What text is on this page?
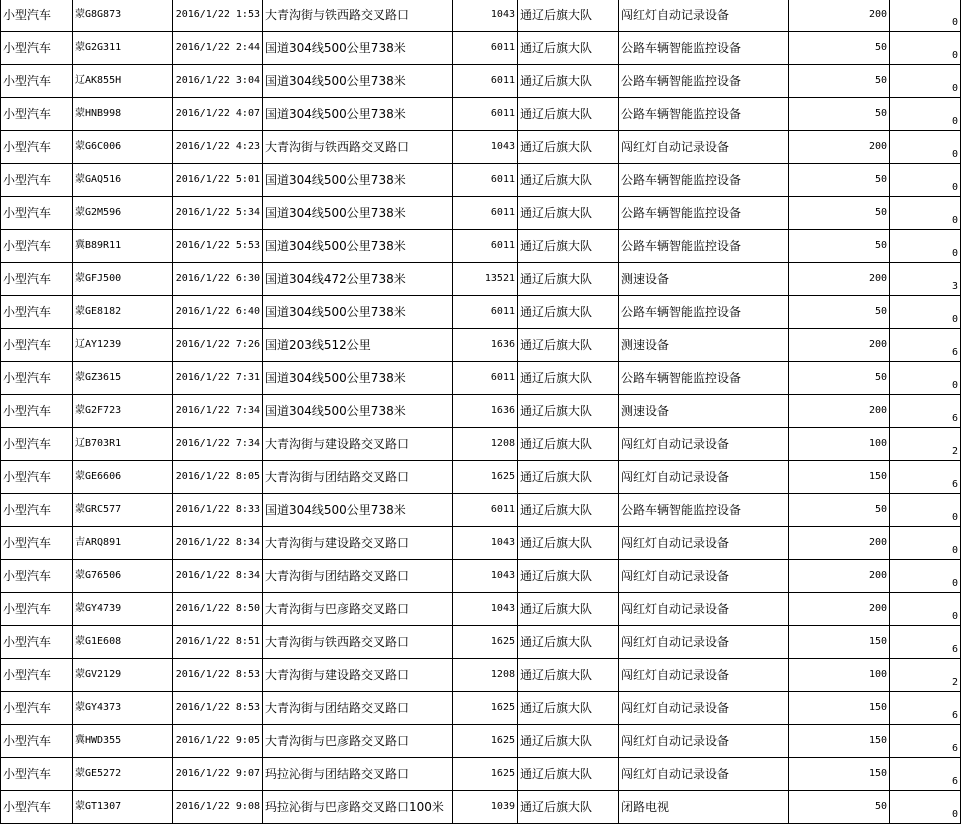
小型汽车	蒙G8G873	2016/1/22 1:53	大青沟街与铁西路交叉路口	1043	通辽后旗大队	闯红灯自动记录设备	200	0
小型汽车	蒙G2G311	2016/1/22 2:44	国道304线500公里738米	6011	通辽后旗大队	公路车辆智能监控设备	50	0
小型汽车	辽AK855H	2016/1/22 3:04	国道304线500公里738米	6011	通辽后旗大队	公路车辆智能监控设备	50	0
小型汽车	蒙HNB998	2016/1/22 4:07	国道304线500公里738米	6011	通辽后旗大队	公路车辆智能监控设备	50	0
小型汽车	蒙G6C006	2016/1/22 4:23	大青沟街与铁西路交叉路口	1043	通辽后旗大队	闯红灯自动记录设备	200	0
小型汽车	蒙GAQ516	2016/1/22 5:01	国道304线500公里738米	6011	通辽后旗大队	公路车辆智能监控设备	50	0
小型汽车	蒙G2M596	2016/1/22 5:34	国道304线500公里738米	6011	通辽后旗大队	公路车辆智能监控设备	50	0
小型汽车	冀B89R11	2016/1/22 5:53	国道304线500公里738米	6011	通辽后旗大队	公路车辆智能监控设备	50	0
小型汽车	蒙GFJ500	2016/1/22 6:30	国道304线472公里738米	13521	通辽后旗大队	测速设备	200	3
小型汽车	蒙GE8182	2016/1/22 6:40	国道304线500公里738米	6011	通辽后旗大队	公路车辆智能监控设备	50	0
小型汽车	辽AY1239	2016/1/22 7:26	国道203线512公里	1636	通辽后旗大队	测速设备	200	6
小型汽车	蒙GZ3615	2016/1/22 7:31	国道304线500公里738米	6011	通辽后旗大队	公路车辆智能监控设备	50	0
小型汽车	蒙G2F723	2016/1/22 7:34	国道304线500公里738米	1636	通辽后旗大队	测速设备	200	6
小型汽车	辽B703R1	2016/1/22 7:34	大青沟街与建设路交叉路口	1208	通辽后旗大队	闯红灯自动记录设备	100	2
小型汽车	蒙GE6606	2016/1/22 8:05	大青沟街与团结路交叉路口	1625	通辽后旗大队	闯红灯自动记录设备	150	6
小型汽车	蒙GRC577	2016/1/22 8:33	国道304线500公里738米	6011	通辽后旗大队	公路车辆智能监控设备	50	0
小型汽车	吉ARQ891	2016/1/22 8:34	大青沟街与建设路交叉路口	1043	通辽后旗大队	闯红灯自动记录设备	200	0
小型汽车	蒙G76506	2016/1/22 8:34	大青沟街与团结路交叉路口	1043	通辽后旗大队	闯红灯自动记录设备	200	0
小型汽车	蒙GY4739	2016/1/22 8:50	大青沟街与巴彦路交叉路口	1043	通辽后旗大队	闯红灯自动记录设备	200	0
小型汽车	蒙G1E608	2016/1/22 8:51	大青沟街与铁西路交叉路口	1625	通辽后旗大队	闯红灯自动记录设备	150	6
小型汽车	蒙GV2129	2016/1/22 8:53	大青沟街与建设路交叉路口	1208	通辽后旗大队	闯红灯自动记录设备	100	2
小型汽车	蒙GY4373	2016/1/22 8:53	大青沟街与团结路交叉路口	1625	通辽后旗大队	闯红灯自动记录设备	150	6
小型汽车	冀HWD355	2016/1/22 9:05	大青沟街与巴彦路交叉路口	1625	通辽后旗大队	闯红灯自动记录设备	150	6
小型汽车	蒙GE5272	2016/1/22 9:07	玛拉沁街与团结路交叉路口	1625	通辽后旗大队	闯红灯自动记录设备	150	6
小型汽车	蒙GT1307	2016/1/22 9:08	玛拉沁街与巴彦路交叉路口100米	1039	通辽后旗大队	闭路电视	50	0
